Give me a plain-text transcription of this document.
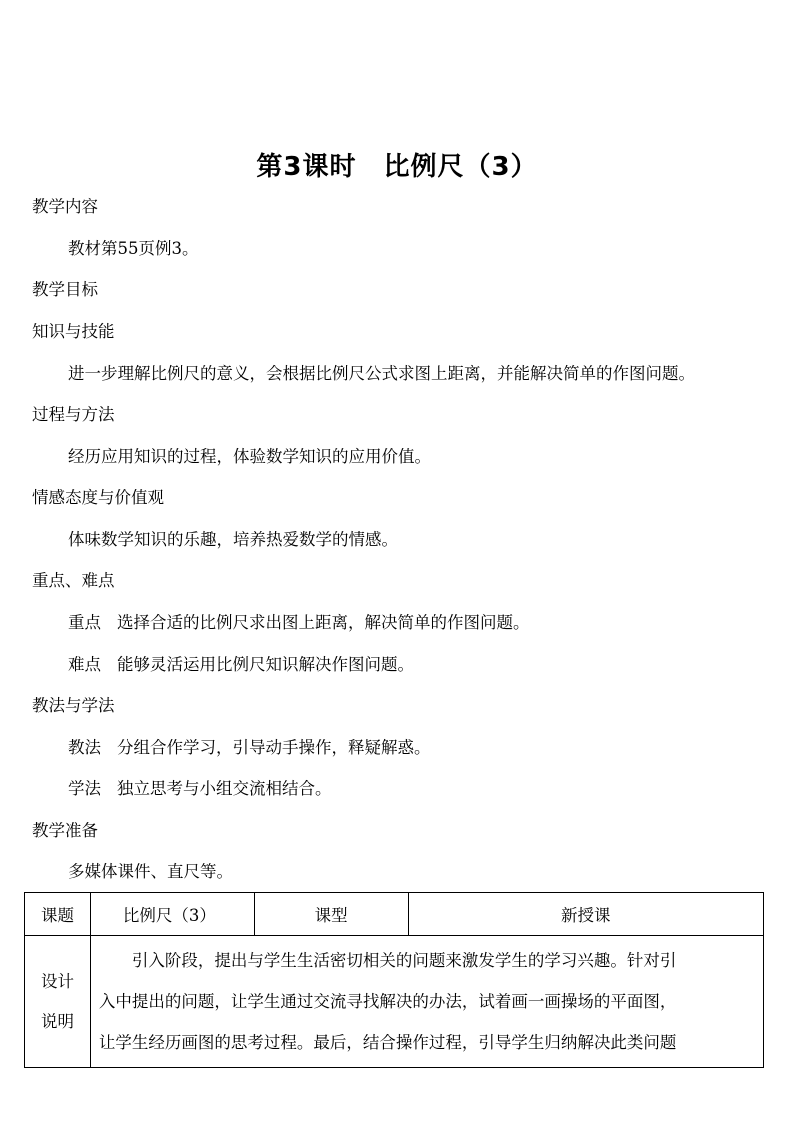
第3课时　比例尺（3）
教学内容
教材第55页例3。
教学目标
知识与技能
进一步理解比例尺的意义，会根据比例尺公式求图上距离，并能解决简单的作图问题。
过程与方法
经历应用知识的过程，体验数学知识的应用价值。
情感态度与价值观
体味数学知识的乐趣，培养热爱数学的情感。
重点、难点
重点 选择合适的比例尺求出图上距离，解决简单的作图问题。
难点 能够灵活运用比例尺知识解决作图问题。
教法与学法
教法 分组合作学习，引导动手操作，释疑解惑。
学法 独立思考与小组交流相结合。
教学准备
多媒体课件、直尺等。
课题	比例尺（3）	课型	新授课

设计
说明	　　引入阶段，提出与学生生活密切相关的问题来激发学生的学习兴趣。针对引
入中提出的问题，让学生通过交流寻找解决的办法，试着画一画操场的平面图，
让学生经历画图的思考过程。最后，结合操作过程，引导学生归纳解决此类问题		
